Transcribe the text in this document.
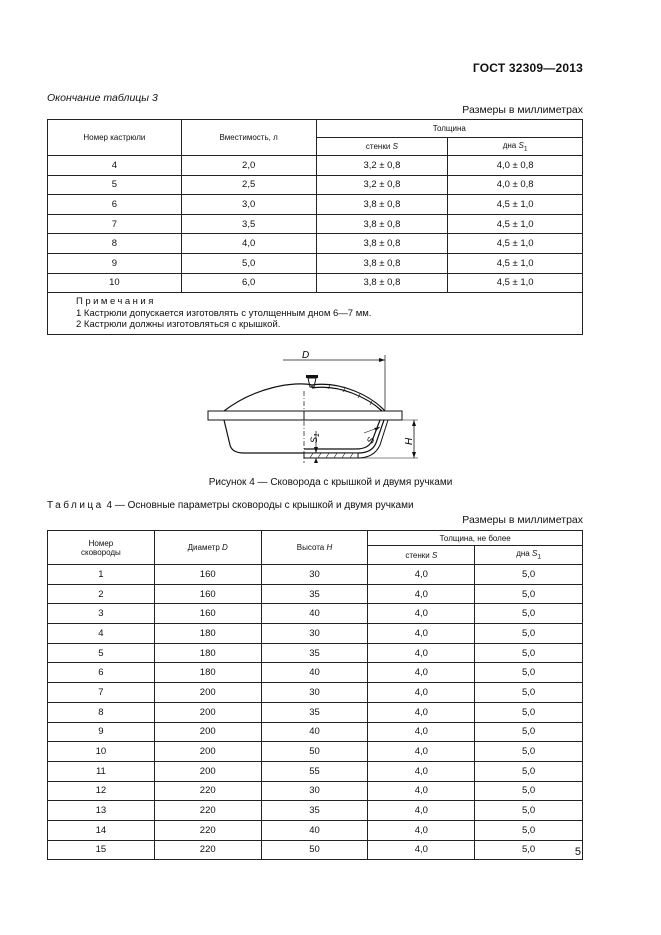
ГОСТ 32309—2013
Окончание таблицы 3
Размеры в миллиметрах
Номер кастрюли	Вместимость, л	Толщина	
		стенки S	дна $S_1$
4	2,0	3,2 ± 0,8	4,0 ± 0,8
5	2,5	3,2 ± 0,8	4,0 ± 0,8
6	3,0	3,8 ± 0,8	4,5 ± 1,0
7	3,5	3,8 ± 0,8	4,5 ± 1,0
8	4,0	3,8 ± 0,8	4,5 ± 1,0
9	5,0	3,8 ± 0,8	4,5 ± 1,0
10	6,0	3,8 ± 0,8	4,5 ± 1,0

Примечания
1 Кастрюли допускается изготовлять с утолщенным дном 6—7 мм.
2 Кастрюли должны изготовляться с крышкой.			
D
H
S
$S_1$
Рисунок 4 — Сковорода с крышкой и двумя ручками
Таблица 4 — Основные параметры сковороды с крышкой и двумя ручками
Размеры в миллиметрах
Номер
сковороды	Диаметр D	Высота H	Толщина, не более	
			стенки S	дна $S_1$
1	160	30	4,0	5,0
2	160	35	4,0	5,0
3	160	40	4,0	5,0
4	180	30	4,0	5,0
5	180	35	4,0	5,0
6	180	40	4,0	5,0
7	200	30	4,0	5,0
8	200	35	4,0	5,0
9	200	40	4,0	5,0
10	200	50	4,0	5,0
11	200	55	4,0	5,0
12	220	30	4,0	5,0
13	220	35	4,0	5,0
14	220	40	4,0	5,0
15	220	50	4,0	5,0	5
